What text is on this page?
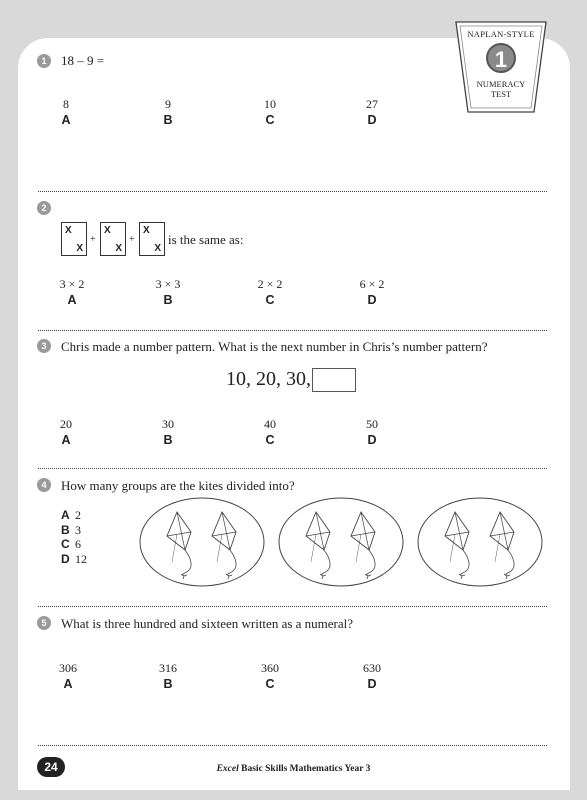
NAPLAN-STYLE
1
NUMERACY
TEST
1	18 – 9 =
8
A
9
B
10
C
27
D
2
X
X
+
X
X
+
X
X
is the same as:
3 × 2
A
3 × 3
B
2 × 2
C
6 × 2
D
3	Chris made a number pattern. What is the next number in Chris’s number pattern?
10, 20, 30,
20
A
30
B
40
C
50
D
4	How many groups are the kites divided into?
A 2
B 3
C 6
D 12
5	What is three hundred and sixteen written as a numeral?
306
A
316
B
360
C
630
D
24	Excel Basic Skills Mathematics Year 3
